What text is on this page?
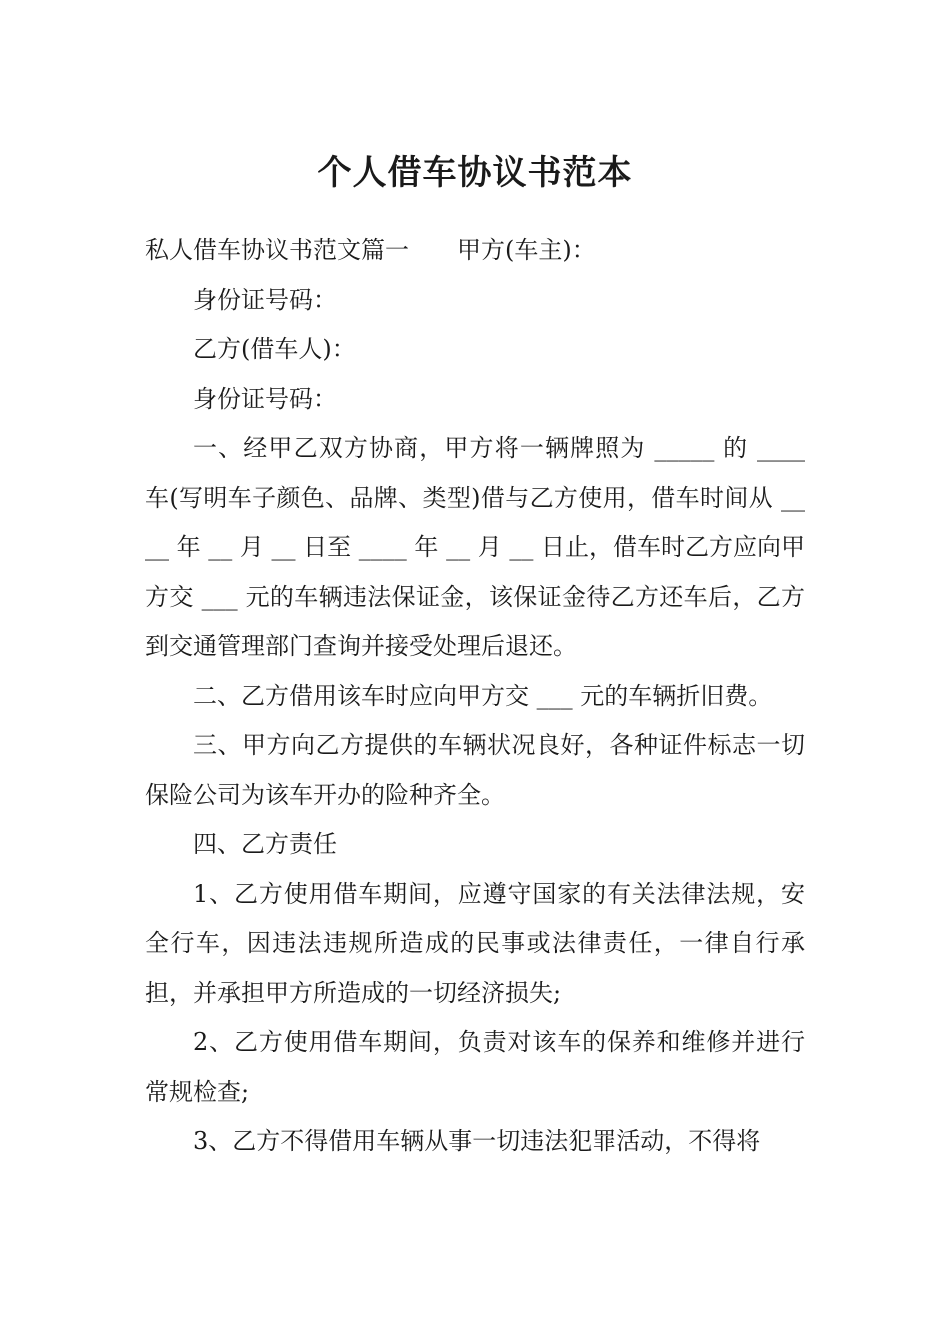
个人借车协议书范本

私人借车协议书范文篇一 甲方(车主)：

身份证号码：

乙方(借车人)：

身份证号码：

一、经甲乙双方协商，甲方将一辆牌照为 _____ 的 ____ 车(写明车子颜色、品牌、类型)借与乙方使用，借车时间从 ____ 年 __ 月 __ 日至 ____ 年 __ 月 __ 日止，借车时乙方应向甲方交 ___ 元的车辆违法保证金，该保证金待乙方还车后，乙方到交通管理部门查询并接受处理后退还。

二、乙方借用该车时应向甲方交 ___ 元的车辆折旧费。

三、甲方向乙方提供的车辆状况良好，各种证件标志一切保险公司为该车开办的险种齐全。

四、乙方责任

1、乙方使用借车期间，应遵守国家的有关法律法规，安全行车，因违法违规所造成的民事或法律责任，一律自行承担，并承担甲方所造成的一切经济损失;

2、乙方使用借车期间，负责对该车的保养和维修并进行常规检查;

3、乙方不得借用车辆从事一切违法犯罪活动，不得将
